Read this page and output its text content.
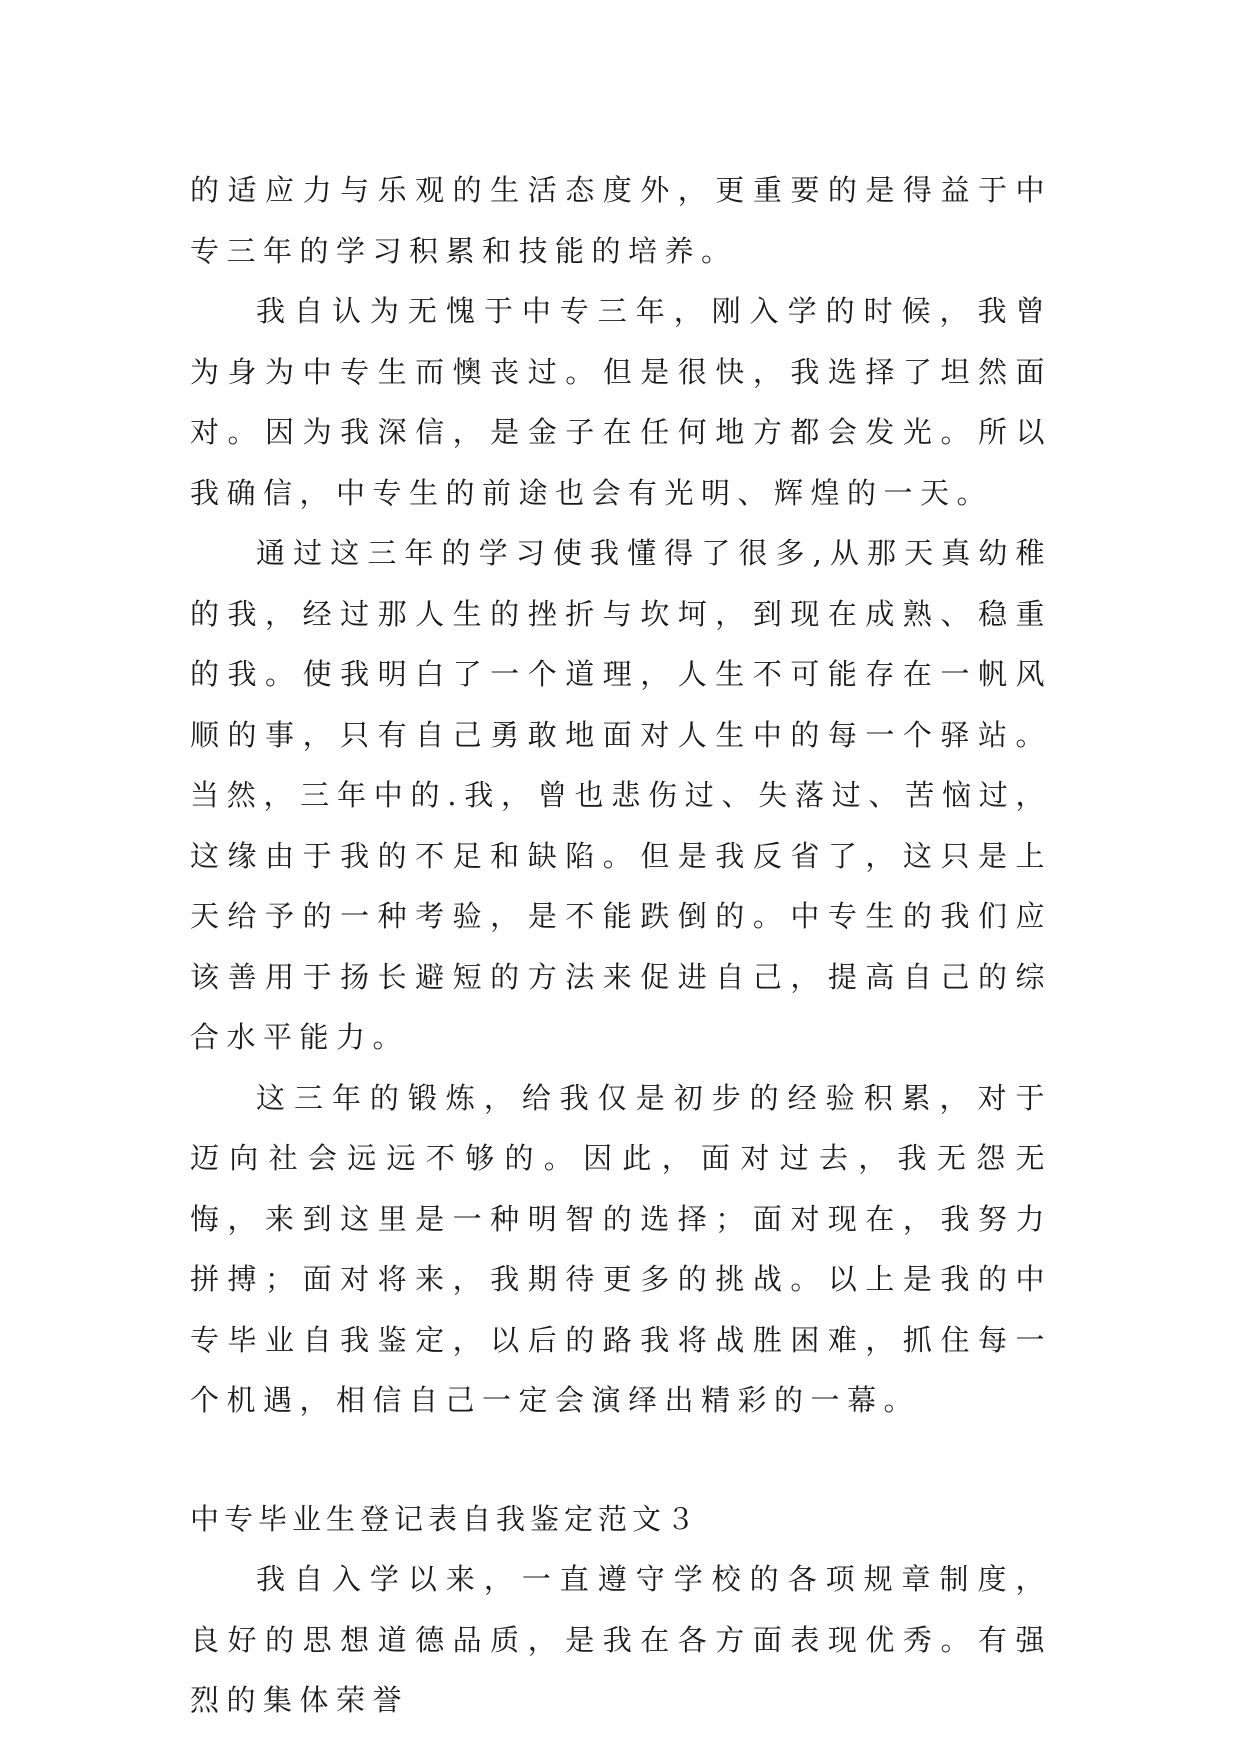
的适应力与乐观的生活态度外，更重要的是得益于中专三年的学习积累和技能的培养。

我自认为无愧于中专三年，刚入学的时候，我曾为身为中专生而懊丧过。但是很快，我选择了坦然面对。因为我深信，是金子在任何地方都会发光。所以我确信，中专生的前途也会有光明、辉煌的一天。

通过这三年的学习使我懂得了很多,从那天真幼稚的我，经过那人生的挫折与坎坷，到现在成熟、稳重的我。使我明白了一个道理，人生不可能存在一帆风顺的事，只有自己勇敢地面对人生中的每一个驿站。当然，三年中的.我，曾也悲伤过、失落过、苦恼过，这缘由于我的不足和缺陷。但是我反省了，这只是上天给予的一种考验，是不能跌倒的。中专生的我们应该善用于扬长避短的方法来促进自己，提高自己的综合水平能力。

这三年的锻炼，给我仅是初步的经验积累，对于迈向社会远远不够的。因此，面对过去，我无怨无悔，来到这里是一种明智的选择；面对现在，我努力拼搏；面对将来，我期待更多的挑战。以上是我的中专毕业自我鉴定，以后的路我将战胜困难，抓住每一个机遇，相信自己一定会演绎出精彩的一幕。

中专毕业生登记表自我鉴定范文３

我自入学以来，一直遵守学校的各项规章制度，良好的思想道德品质，是我在各方面表现优秀。有强烈的集体荣誉
